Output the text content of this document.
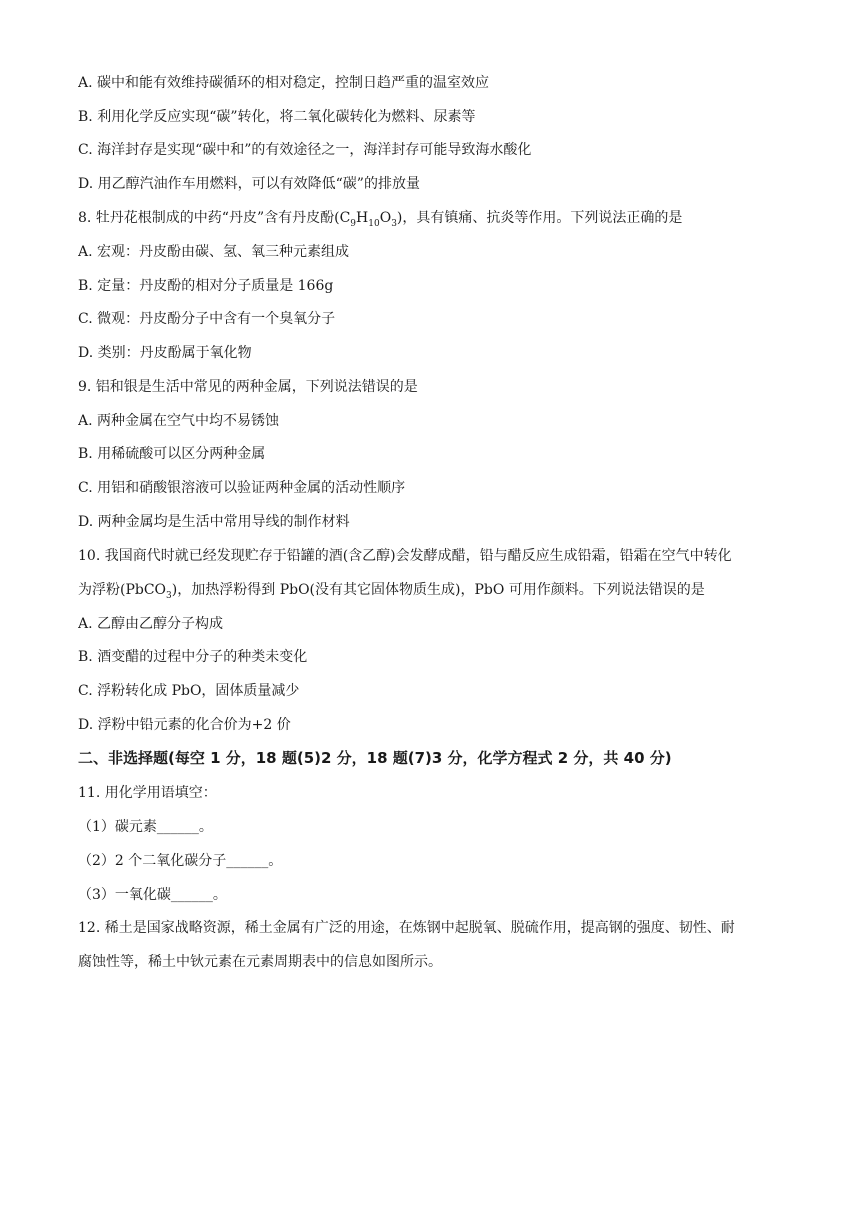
A. 碳中和能有效维持碳循环的相对稳定，控制日趋严重的温室效应
B. 利用化学反应实现“碳”转化，将二氧化碳转化为燃料、尿素等
C. 海洋封存是实现“碳中和”的有效途径之一，海洋封存可能导致海水酸化
D. 用乙醇汽油作车用燃料，可以有效降低“碳”的排放量
8. 牡丹花根制成的中药“丹皮”含有丹皮酚$(C_9H_{10}O_3)$，具有镇痛、抗炎等作用。下列说法正确的是
A. 宏观：丹皮酚由碳、氢、氧三种元素组成
B. 定量：丹皮酚的相对分子质量是 166g
C. 微观：丹皮酚分子中含有一个臭氧分子
D. 类别：丹皮酚属于氧化物
9. 铝和银是生活中常见的两种金属，下列说法错误的是
A. 两种金属在空气中均不易锈蚀
B. 用稀硫酸可以区分两种金属
C. 用铝和硝酸银溶液可以验证两种金属的活动性顺序
D. 两种金属均是生活中常用导线的制作材料
10. 我国商代时就已经发现贮存于铅罐的酒(含乙醇)会发酵成醋，铅与醋反应生成铅霜，铅霜在空气中转化
为浮粉(PbCO$_3$)，加热浮粉得到 PbO(没有其它固体物质生成)，PbO 可用作颜料。下列说法错误的是
A. 乙醇由乙醇分子构成
B. 酒变醋的过程中分子的种类未变化
C. 浮粉转化成 PbO，固体质量减少
D. 浮粉中铅元素的化合价为+2 价
二、非选择题(每空 1 分，18 题(5)2 分，18 题(7)3 分，化学方程式 2 分，共 40 分)
11. 用化学用语填空：
（1）碳元素______。
（2）2 个二氧化碳分子______。
（3）一氧化碳______。
12. 稀土是国家战略资源，稀土金属有广泛的用途，在炼钢中起脱氧、脱硫作用，提高钢的强度、韧性、耐
腐蚀性等，稀土中钬元素在元素周期表中的信息如图所示。
